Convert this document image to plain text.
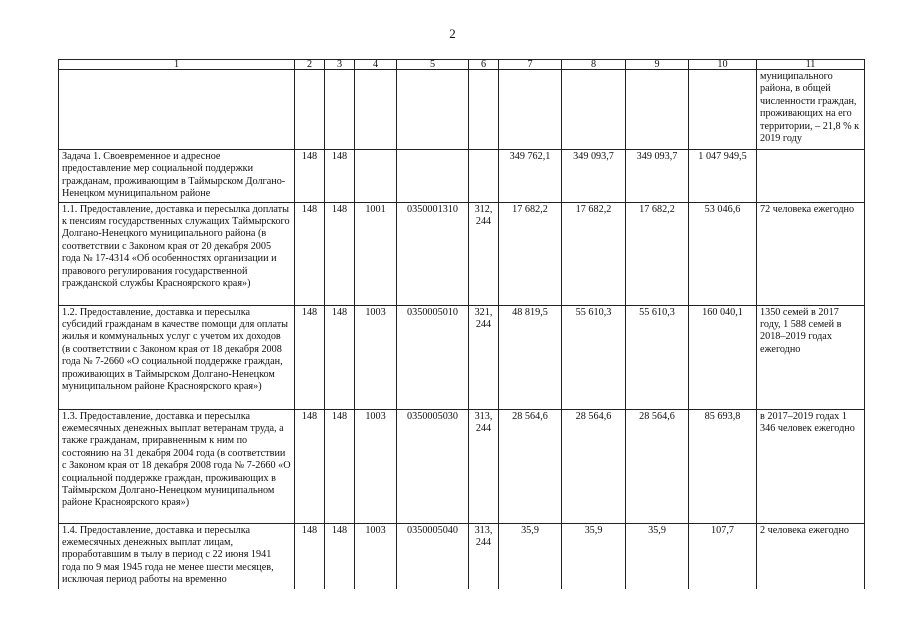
2
1	2	3	4	5	6	7	8	9	10	11
										муниципального района, в общей численности граждан, проживающих на его территории, – 21,8 % к 2019 году
Задача 1. Своевременное и адресное предоставление мер социальной поддержки гражданам, проживающим в Таймырском Долгано-Ненецком муниципальном районе	148	148				349 762,1	349 093,7	349 093,7	1 047 949,5	
1.1. Предоставление, доставка и пересылка доплаты к пенсиям государственных служащих Таймырского Долгано-Ненецкого муниципального района (в соответствии с Законом края от 20 декабря 2005 года № 17-4314 «Об особенностях организации и правового регулирования государственной гражданской службы Красноярского края»)	148	148	1001	0350001310	312, 244	17 682,2	17 682,2	17 682,2	53 046,6	72 человека ежегодно
1.2. Предоставление, доставка и пересылка субсидий гражданам в качестве помощи для оплаты жилья и коммунальных услуг с учетом их доходов (в соответствии с Законом края от 18 декабря 2008 года № 7-2660 «О социальной поддержке граждан, проживающих в Таймырском Долгано-Ненецком муниципальном районе Красноярского края»)	148	148	1003	0350005010	321, 244	48 819,5	55 610,3	55 610,3	160 040,1	1350 семей в 2017 году, 1 588 семей в 2018–2019 годах ежегодно
1.3. Предоставление, доставка и пересылка ежемесячных денежных выплат ветеранам труда, а также гражданам, приравненным к ним по состоянию на 31 декабря 2004 года (в соответствии с Законом края от 18 декабря 2008 года № 7-2660 «О социальной поддержке граждан, проживающих в Таймырском Долгано-Ненецком муниципальном районе Красноярского края»)	148	148	1003	0350005030	313, 244	28 564,6	28 564,6	28 564,6	85 693,8	в 2017–2019 годах 1 346 человек ежегодно
1.4. Предоставление, доставка и пересылка ежемесячных денежных выплат лицам, проработавшим в тылу в период с 22 июня 1941 года по 9 мая 1945 года не менее шести месяцев, исключая период работы на временно	148	148	1003	0350005040	313, 244	35,9	35,9	35,9	107,7	2 человека ежегодно
